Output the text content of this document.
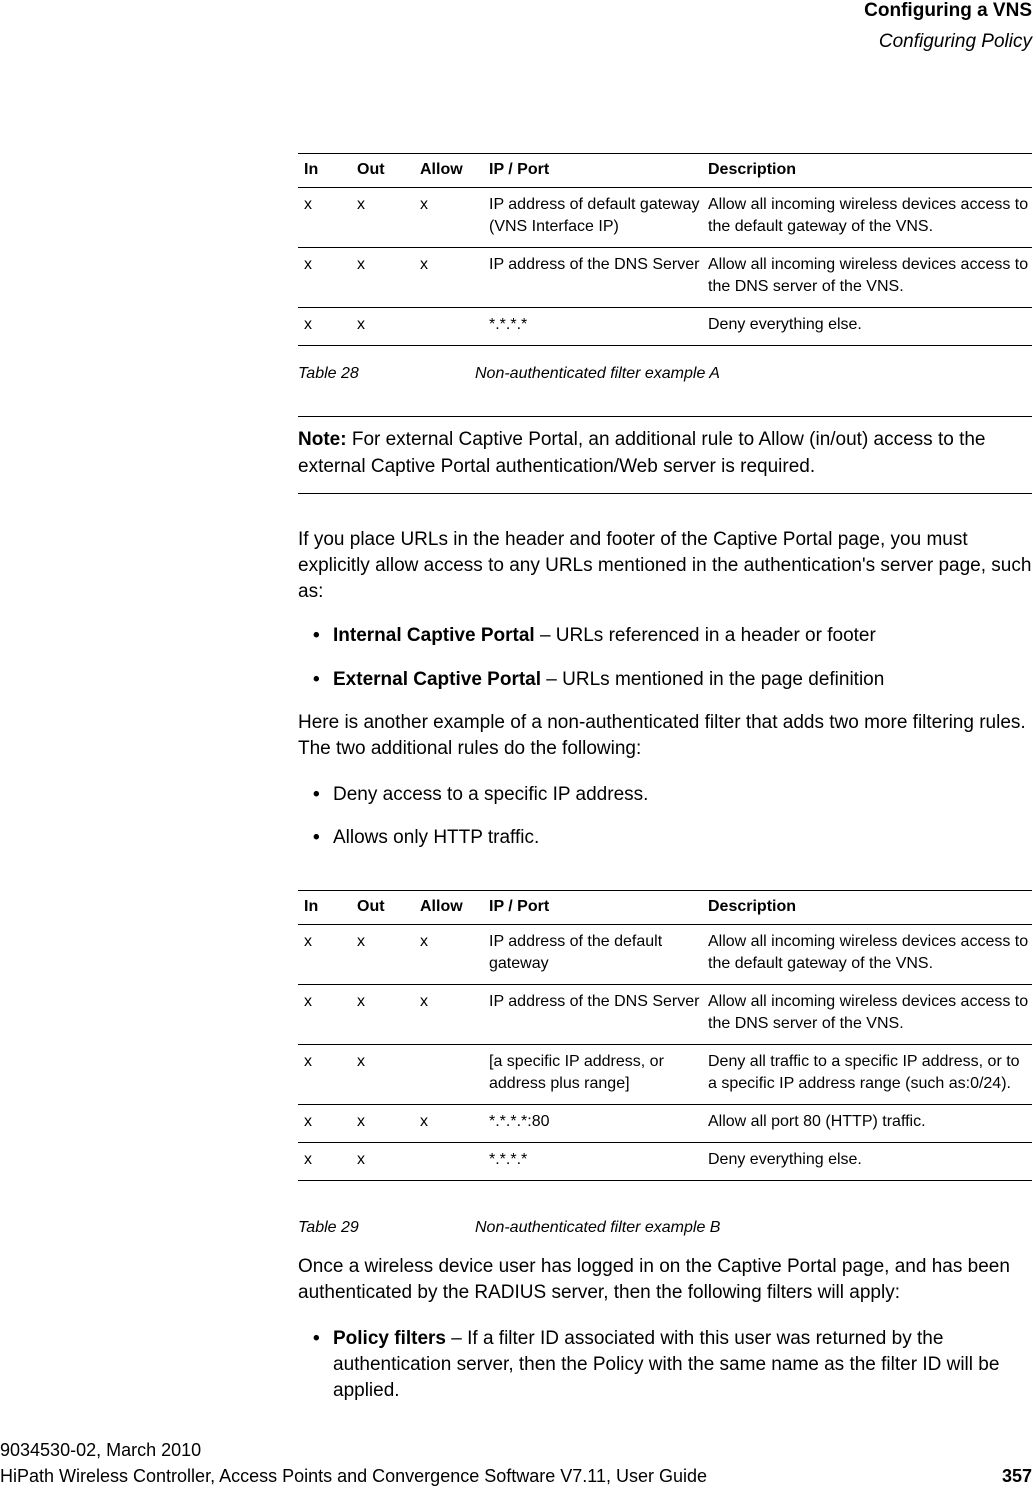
Configuring a VNS
Configuring Policy
In	Out	Allow	IP / Port	Description
x	x	x	IP address of default gateway (VNS Interface IP)	Allow all incoming wireless devices access to the default gateway of the VNS.
x	x	x	IP address of the DNS Server	Allow all incoming wireless devices access to the DNS server of the VNS.
x	x		*.*.*.*	Deny everything else.
Table 28	Non-authenticated filter example A
Note: For external Captive Portal, an additional rule to Allow (in/out) access to the external Captive Portal authentication/Web server is required.
If you place URLs in the header and footer of the Captive Portal page, you must explicitly allow access to any URLs mentioned in the authentication's server page, such as:
• Internal Captive Portal – URLs referenced in a header or footer
• External Captive Portal – URLs mentioned in the page definition
Here is another example of a non-authenticated filter that adds two more filtering rules. The two additional rules do the following:
• Deny access to a specific IP address.
• Allows only HTTP traffic.
In	Out	Allow	IP / Port	Description
x	x	x	IP address of the default gateway	Allow all incoming wireless devices access to the default gateway of the VNS.
x	x	x	IP address of the DNS Server	Allow all incoming wireless devices access to the DNS server of the VNS.
x	x		[a specific IP address, or address plus range]	Deny all traffic to a specific IP address, or to a specific IP address range (such as:0/24).
x	x	x	*.*.*.*:80	Allow all port 80 (HTTP) traffic.
x	x		*.*.*.*	Deny everything else.
Table 29	Non-authenticated filter example B
Once a wireless device user has logged in on the Captive Portal page, and has been authenticated by the RADIUS server, then the following filters will apply:
• Policy filters – If a filter ID associated with this user was returned by the authentication server, then the Policy with the same name as the filter ID will be applied.
9034530-02, March 2010
HiPath Wireless Controller, Access Points and Convergence Software V7.11, User Guide	357
